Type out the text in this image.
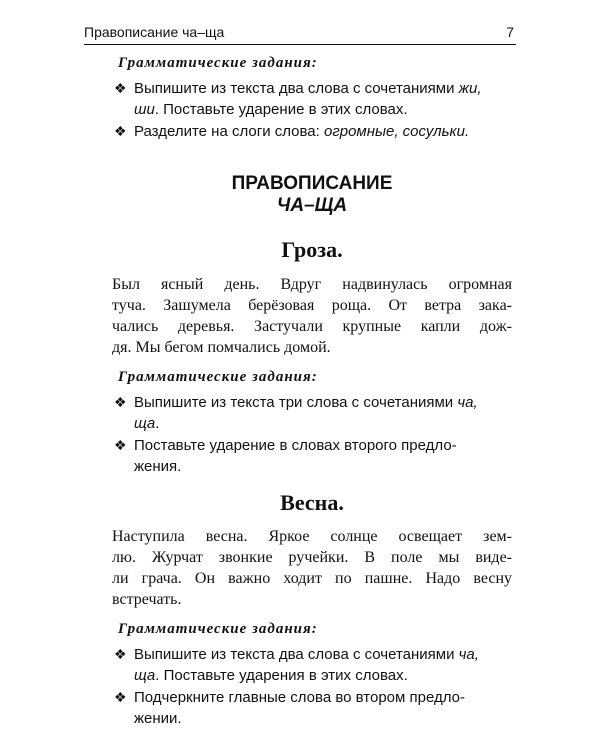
Правописание ча–ща	7
Грамматические задания:
❖ Выпишите из текста два слова с сочетаниями жи,
ши. Поставьте ударение в этих словах.
❖ Разделите на слоги слова: огромные, сосульки.
ПРАВОПИСАНИЕ
ЧА–ЩА
Гроза.

Был ясный день. Вдруг надвинулась огромная
туча. Зашумела берёзовая роща. От ветра зака-
чались деревья. Застучали крупные капли дож-
дя. Мы бегом помчались домой.

Грамматические задания:
❖ Выпишите из текста три слова с сочетаниями ча,
ща.
❖ Поставьте ударение в словах второго предло-
жения.
Весна.

Наступила весна. Яркое солнце освещает зем-
лю. Журчат звонкие ручейки. В поле мы виде-
ли грача. Он важно ходит по пашне. Надо весну
встречать.

Грамматические задания:
❖ Выпишите из текста два слова с сочетаниями ча,
ща. Поставьте ударения в этих словах.
❖ Подчеркните главные слова во втором предло-
жении.
